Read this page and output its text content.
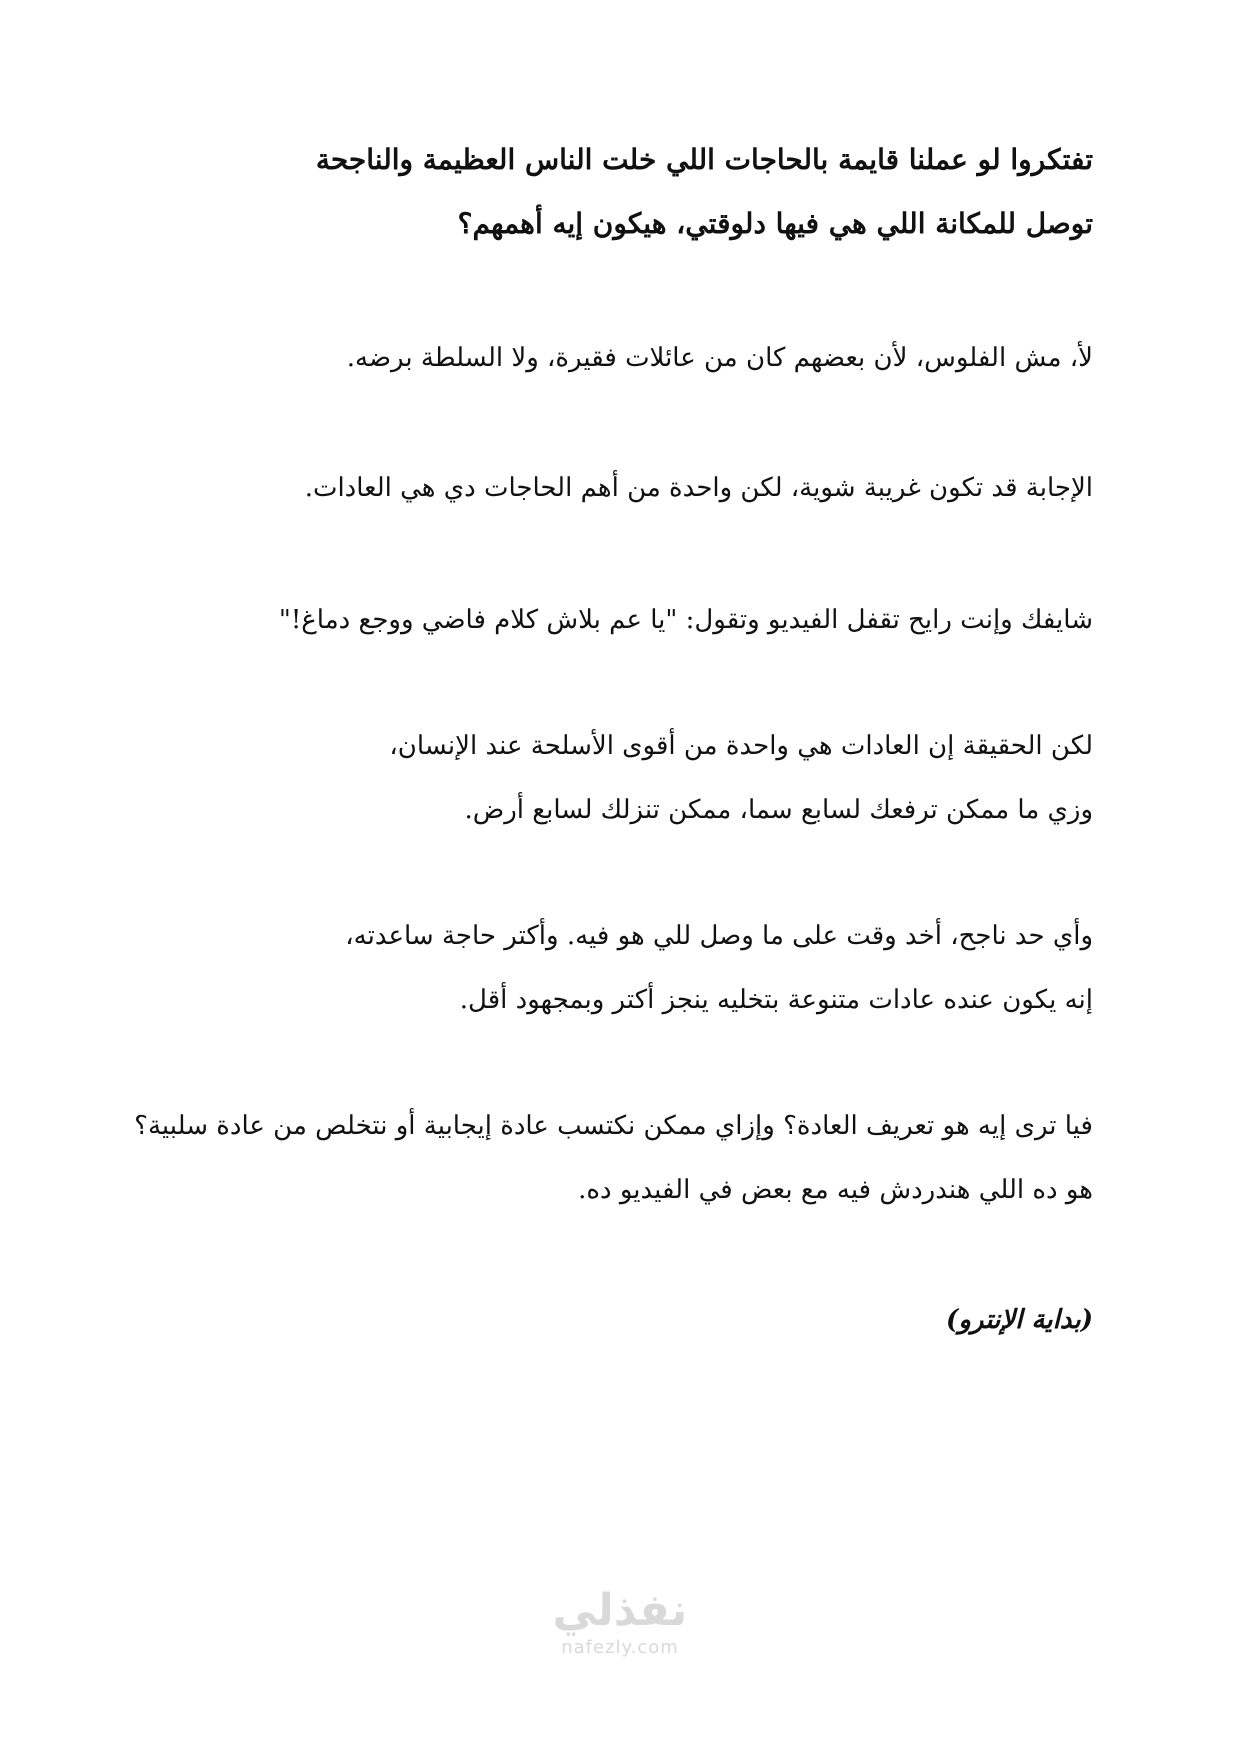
تفتكروا لو عملنا قايمة بالحاجات اللي خلت الناس العظيمة والناجحة
توصل للمكانة اللي هي فيها دلوقتي، هيكون إيه أهمهم؟
لأ، مش الفلوس، لأن بعضهم كان من عائلات فقيرة، ولا السلطة برضه.
الإجابة قد تكون غريبة شوية، لكن واحدة من أهم الحاجات دي هي العادات.
شايفك وإنت رايح تقفل الفيديو وتقول: "يا عم بلاش كلام فاضي ووجع دماغ!"
لكن الحقيقة إن العادات هي واحدة من أقوى الأسلحة عند الإنسان،
وزي ما ممكن ترفعك لسابع سما، ممكن تنزلك لسابع أرض.
وأي حد ناجح، أخد وقت على ما وصل للي هو فيه. وأكتر حاجة ساعدته،
إنه يكون عنده عادات متنوعة بتخليه ينجز أكتر وبمجهود أقل.
فيا ترى إيه هو تعريف العادة؟ وإزاي ممكن نكتسب عادة إيجابية أو نتخلص من عادة سلبية؟
هو ده اللي هندردش فيه مع بعض في الفيديو ده.
(بداية الإنترو)
نفذلي
nafezly.com
